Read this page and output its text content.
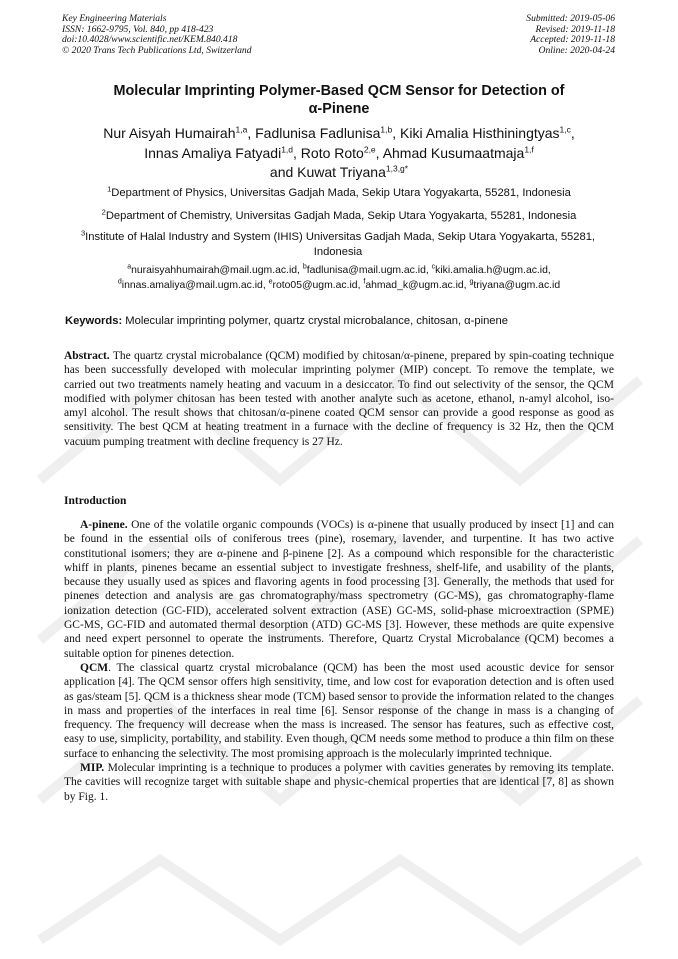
Key Engineering Materials
ISSN: 1662-9795, Vol. 840, pp 418-423
doi:10.4028/www.scientific.net/KEM.840.418
© 2020 Trans Tech Publications Ltd, Switzerland
Submitted: 2019-05-06
Revised: 2019-11-18
Accepted: 2019-11-18
Online: 2020-04-24
Molecular Imprinting Polymer-Based QCM Sensor for Detection of
α-Pinene
Nur Aisyah Humairah$^{1,a}$, Fadlunisa Fadlunisa$^{1,b}$, Kiki Amalia Histhiningtyas$^{1,c}$,
Innas Amaliya Fatyadi$^{1,d}$, Roto Roto$^{2,e}$, Ahmad Kusumaatmaja$^{1,f}$
and Kuwat Triyana$^{1,3,g*}$
$^1$Department of Physics, Universitas Gadjah Mada, Sekip Utara Yogyakarta, 55281, Indonesia
$^2$Department of Chemistry, Universitas Gadjah Mada, Sekip Utara Yogyakarta, 55281, Indonesia
$^3$Institute of Halal Industry and System (IHIS) Universitas Gadjah Mada, Sekip Utara Yogyakarta, 55281, Indonesia
$^a$nuraisyahhumairah@mail.ugm.ac.id, $^b$fadlunisa@mail.ugm.ac.id, $^c$kiki.amalia.h@ugm.ac.id,
$^d$innas.amaliya@mail.ugm.ac.id, $^e$roto05@ugm.ac.id, $^f$ahmad_k@ugm.ac.id, $^g$triyana@ugm.ac.id
Keywords: Molecular imprinting polymer, quartz crystal microbalance, chitosan, α-pinene

Abstract. The quartz crystal microbalance (QCM) modified by chitosan/α-pinene, prepared by spin-coating technique has been successfully developed with molecular imprinting polymer (MIP) concept. To remove the template, we carried out two treatments namely heating and vacuum in a desiccator. To find out selectivity of the sensor, the QCM modified with polymer chitosan has been tested with another analyte such as acetone, ethanol, n-amyl alcohol, iso-amyl alcohol. The result shows that chitosan/α-pinene coated QCM sensor can provide a good response as good as sensitivity. The best QCM at heating treatment in a furnace with the decline of frequency is 32 Hz, then the QCM vacuum pumping treatment with decline frequency is 27 Hz.

Introduction

A-pinene. One of the volatile organic compounds (VOCs) is α-pinene that usually produced by insect [1] and can be found in the essential oils of coniferous trees (pine), rosemary, lavender, and turpentine. It has two active constitutional isomers; they are α-pinene and β-pinene [2]. As a compound which responsible for the characteristic whiff in plants, pinenes became an essential subject to investigate freshness, shelf-life, and usability of the plants, because they usually used as spices and flavoring agents in food processing [3]. Generally, the methods that used for pinenes detection and analysis are gas chromatography/mass spectrometry (GC-MS), gas chromatography-flame ionization detection (GC-FID), accelerated solvent extraction (ASE) GC-MS, solid-phase microextraction (SPME) GC-MS, GC-FID and automated thermal desorption (ATD) GC-MS [3]. However, these methods are quite expensive and need expert personnel to operate the instruments. Therefore, Quartz Crystal Microbalance (QCM) becomes a suitable option for pinenes detection.

QCM. The classical quartz crystal microbalance (QCM) has been the most used acoustic device for sensor application [4]. The QCM sensor offers high sensitivity, time, and low cost for evaporation detection and is often used as gas/steam [5]. QCM is a thickness shear mode (TCM) based sensor to provide the information related to the changes in mass and properties of the interfaces in real time [6]. Sensor response of the change in mass is a changing of frequency. The frequency will decrease when the mass is increased. The sensor has features, such as effective cost, easy to use, simplicity, portability, and stability. Even though, QCM needs some method to produce a thin film on these surface to enhancing the selectivity. The most promising approach is the molecularly imprinted technique.

MIP. Molecular imprinting is a technique to produces a polymer with cavities generates by removing its template. The cavities will recognize target with suitable shape and physic-chemical properties that are identical [7, 8] as shown by Fig. 1.
